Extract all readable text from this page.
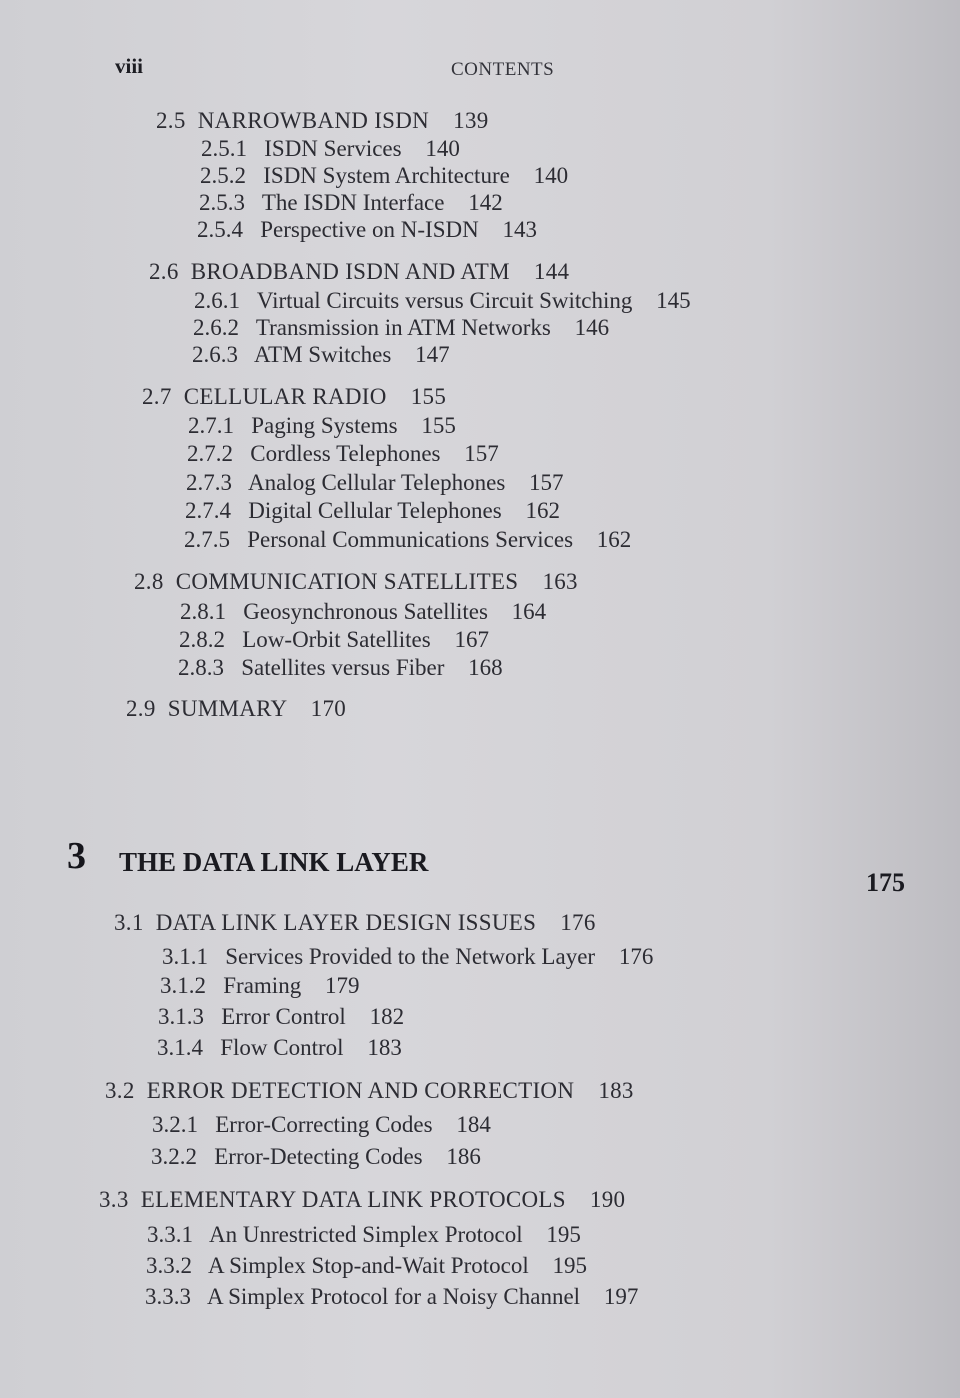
viii	CONTENTS
2.5 NARROWBAND ISDN 139
2.5.1 ISDN Services 140
2.5.2 ISDN System Architecture 140
2.5.3 The ISDN Interface 142
2.5.4 Perspective on N-ISDN 143
2.6 BROADBAND ISDN AND ATM 144
2.6.1 Virtual Circuits versus Circuit Switching 145
2.6.2 Transmission in ATM Networks 146
2.6.3 ATM Switches 147
2.7 CELLULAR RADIO 155
2.7.1 Paging Systems 155
2.7.2 Cordless Telephones 157
2.7.3 Analog Cellular Telephones 157
2.7.4 Digital Cellular Telephones 162
2.7.5 Personal Communications Services 162
2.8 COMMUNICATION SATELLITES 163
2.8.1 Geosynchronous Satellites 164
2.8.2 Low-Orbit Satellites 167
2.8.3 Satellites versus Fiber 168
2.9 SUMMARY 170
3 THE DATA LINK LAYER
175
3.1 DATA LINK LAYER DESIGN ISSUES 176
3.1.1 Services Provided to the Network Layer 176
3.1.2 Framing 179
3.1.3 Error Control 182
3.1.4 Flow Control 183
3.2 ERROR DETECTION AND CORRECTION 183
3.2.1 Error-Correcting Codes 184
3.2.2 Error-Detecting Codes 186
3.3 ELEMENTARY DATA LINK PROTOCOLS 190
3.3.1 An Unrestricted Simplex Protocol 195
3.3.2 A Simplex Stop-and-Wait Protocol 195
3.3.3 A Simplex Protocol for a Noisy Channel 197
